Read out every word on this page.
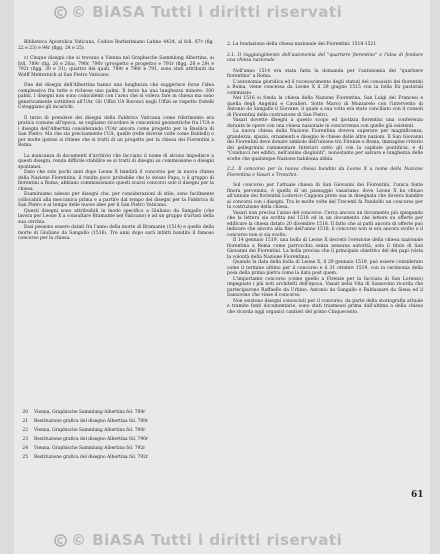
© BiASA Tutti i diritti riservati

Biblioteca Apostolica Vaticana, Codice Barberiniano Latino 4424, al foll. 87v (fig. 22 e 23) e 94r (figg. 24 e 25).

c) Cinque disegni che si trovano a Vienna nel Graphische Sammlung Albertina, ai foll. 789r (fig. 26 e 26a), 790r, 790v (prospetto e progetto) e 791r (figg. 28 e 29) e 792r (figg. 30 e 31); quattro dei quali, 789r e 790r e 791, sono stati attribuiti da Wolff Metternich al San Pietro Vaticano.

Due dei disegni dell'Albertina hanno uno lunghezza che suggerisce forse l'idea complessiva fra tutte e richiese uno palmi. Il terzo ha una lunghezza minore: 300 palmi. I disegni non sono coincidenti con l'area che si voleva fare in chiesa ma sono genericamente sottintesi all'UAr. Gli Uffizi UA Baronci negli Uffizi se rispetto fratelli Coteggiano gli incarichi.

Il terzo di prendere dei disegni della Fabbrica Vaticana come riferimento era pratica comune all'epoca, se vogliamo ricordare le concezioni geometriche fra l'UA e i disegni dell'Albertini considerando l'UAr ancora come progetto per la Basilica di San Pietro. Ma che sia precisamente l'UA, quelle (relle diverse volte come Baldelli) o per molte ipotesi si ritiene che si tratti di un progetto per la chiesa dei Fiorentini a Roma.

La mancanza di documenti d'archivio che facciano il nome di alcuno impedisce a questi disegni, renda difficile stabilire se si tratti di disegni su commissione o disegni spontanei.

Dato che solo pochi anni dopo Leone X bandirà il concorso per la nuova chiesa della Nazione Fiorentina, il risulta poco probabile che lo stesso Papa, o il gruppo di fiorentini a Roma, abbiano commissionato questi scarsi concorsi solo il disegni per la chiesa.

Esaminiamo adesso per disegni che, per considerazioni di stile, sono facilmente collocabili alla meccanica prima e a partire dal tempo dei disegni per la Fabbrica di San Pietro e al tempo delle nuove idee per il San Pietro Vaticano.

Questi disegni sono attribuibili in modo specifico a Giuliano da Sangallo (che lavora per Leone X a consultare Bramante nel Vaticano) e ad un gruppo d'artisti della sua cerchia.

Essi possono essere datati fra l'anno della morte di Bramante (1514) e quello della morte di Giuliano da Sangallo (1516). Tre anni dopo sarà infatti bandito il famoso concorso per la chiesa.

20 Vienna, Graphische Sammlung Albertina fol. 789r
21 Restituzione grafica del disegno Albertina fol. 789r
22 Vienna, Graphische Sammlung Albertina fol. 790r
23 Restituzione grafica del disegno Albertina fol. 790r
24 Vienna, Graphische Sammlung Albertina fol. 792r
25 Restituzione grafica del disegno Albertina fol. 792r

2. La fondazione della chiesa nazionale dei Fiorentini: 1518-1521

2.1. Il raggiungimento dell'autonomia del "quartiere fiorentino" e l'idea di fondare una chiesa nazionale

Nell'anno 1514 era stata fatta la domanda per l'autonomia del "quartiere fiorentino" a Roma.

L'autonomia giuridica ed il riconoscimento degli statuti del consolato dei fiorentini a Roma, viene concessa da Leone X il 29 giugno 1515 con la bolla Ex pastorali commissio.

Nel 1516 si fonda la chiesa della Nazione Fiorentina, San Luigi dei Francesi e quella degli Angelini e Cavalieri. Sotto Marco di Mozzarelo con l'intervento di Antonio da Sangallo il Giovane, il quale a sua volta era stato conciliato con il consoli di Fiorentini della costruzione di San Pietro.

Vasari dovette disegni a questo scopo ed ipotizza fiorentini una conferenza durante le opere con una chiesa nazionale in concorrenza con quelle già esistenti.

La nuova chiesa della Nazione Fiorentina doveva superare per magnificenza, grandezza, spazio, ornamenti e disegno le chiese delle altre nazioni. Il San Giovanni dei Fiorentini deve donare simbolo dell'unione tra Firenze e Roma, immagine criterio dei pellegrinini rammentare Interiori sotto gli con la capitale pontificia, e di "Conducci nei edifici, nell'animo disgiunti", nonostante per salvare e lunghezza delle scelte che qualunque Nazione babilonia abbia.

2.2. Il concorso per la nuova chiesa bandito da Leone X a nome della Nazione Fiorentina e Vasari e Tronchin.

Sul concorso per l'attuale chiesa di San Giovanni dei Fiorentini, l'unica fonte finora pervenuta, è quella di un passaggio vasariano: dove Leone X ha chiuso all'unione dei fiorentini Lodovico Capponi prete sua in disegnata che doveva bandire ai concorsi con i disegni. Tra le molte volte del Trecenti fa Pandolfo un concorso per la costruzione della chiesa.

Vasari non precisa l'anno del concorso. Cerca ancora un documento più spiegando che la lettera sia scritta nel 1518 ed in un documento che lettere su offerte per edificare la chiesa datato 20 dicembre 1518. Il fatto che ai patti ancora di offerte può indicare che ancora alla fine dell'anno 1518, il concorso non si era ancora svolto o il concorso non si sia svolto.

Il 14 gennaio 1519, una bolla di Leone X decretò l'erezione della chiesa nazionale fiorentina a Roma come parrocchia senza nessuna autorità, solo il titolo di San Giovanni dei Fiorentini. La bolla precisa che il principale obiettivo del dei papi (vista la volontà della Nazione Fiorentina).

Quando la data della bolla di Leone X, il 29 gennaio 1519, può essere considerato come il termine ultimo per il concorso e il 31 ottobre 1519, con la cerimonia della posa della prima pietra come la data post quem.

L'importante concorso (come quello a Firenze per la facciata di San Lorenzo) impegnato i più noti architetti dell'epoca. Vasari nella Vita di Sansovino ricorda che parteciparono Raffaello da Urbino, Antonio da Sangallo e Baldassare da Siena ed il Sansovino che vinse il concorso.

Non esistono disegni conosciuti per il concorso, da parte della storiografia attuale e tramite fonti documentarie, sono stati trasmessi prima dall'ultima a della chiesa che ricorda oggi organici cantieri del primo Cinquecento.

61
© BiASA Tutti i diritti riservati
